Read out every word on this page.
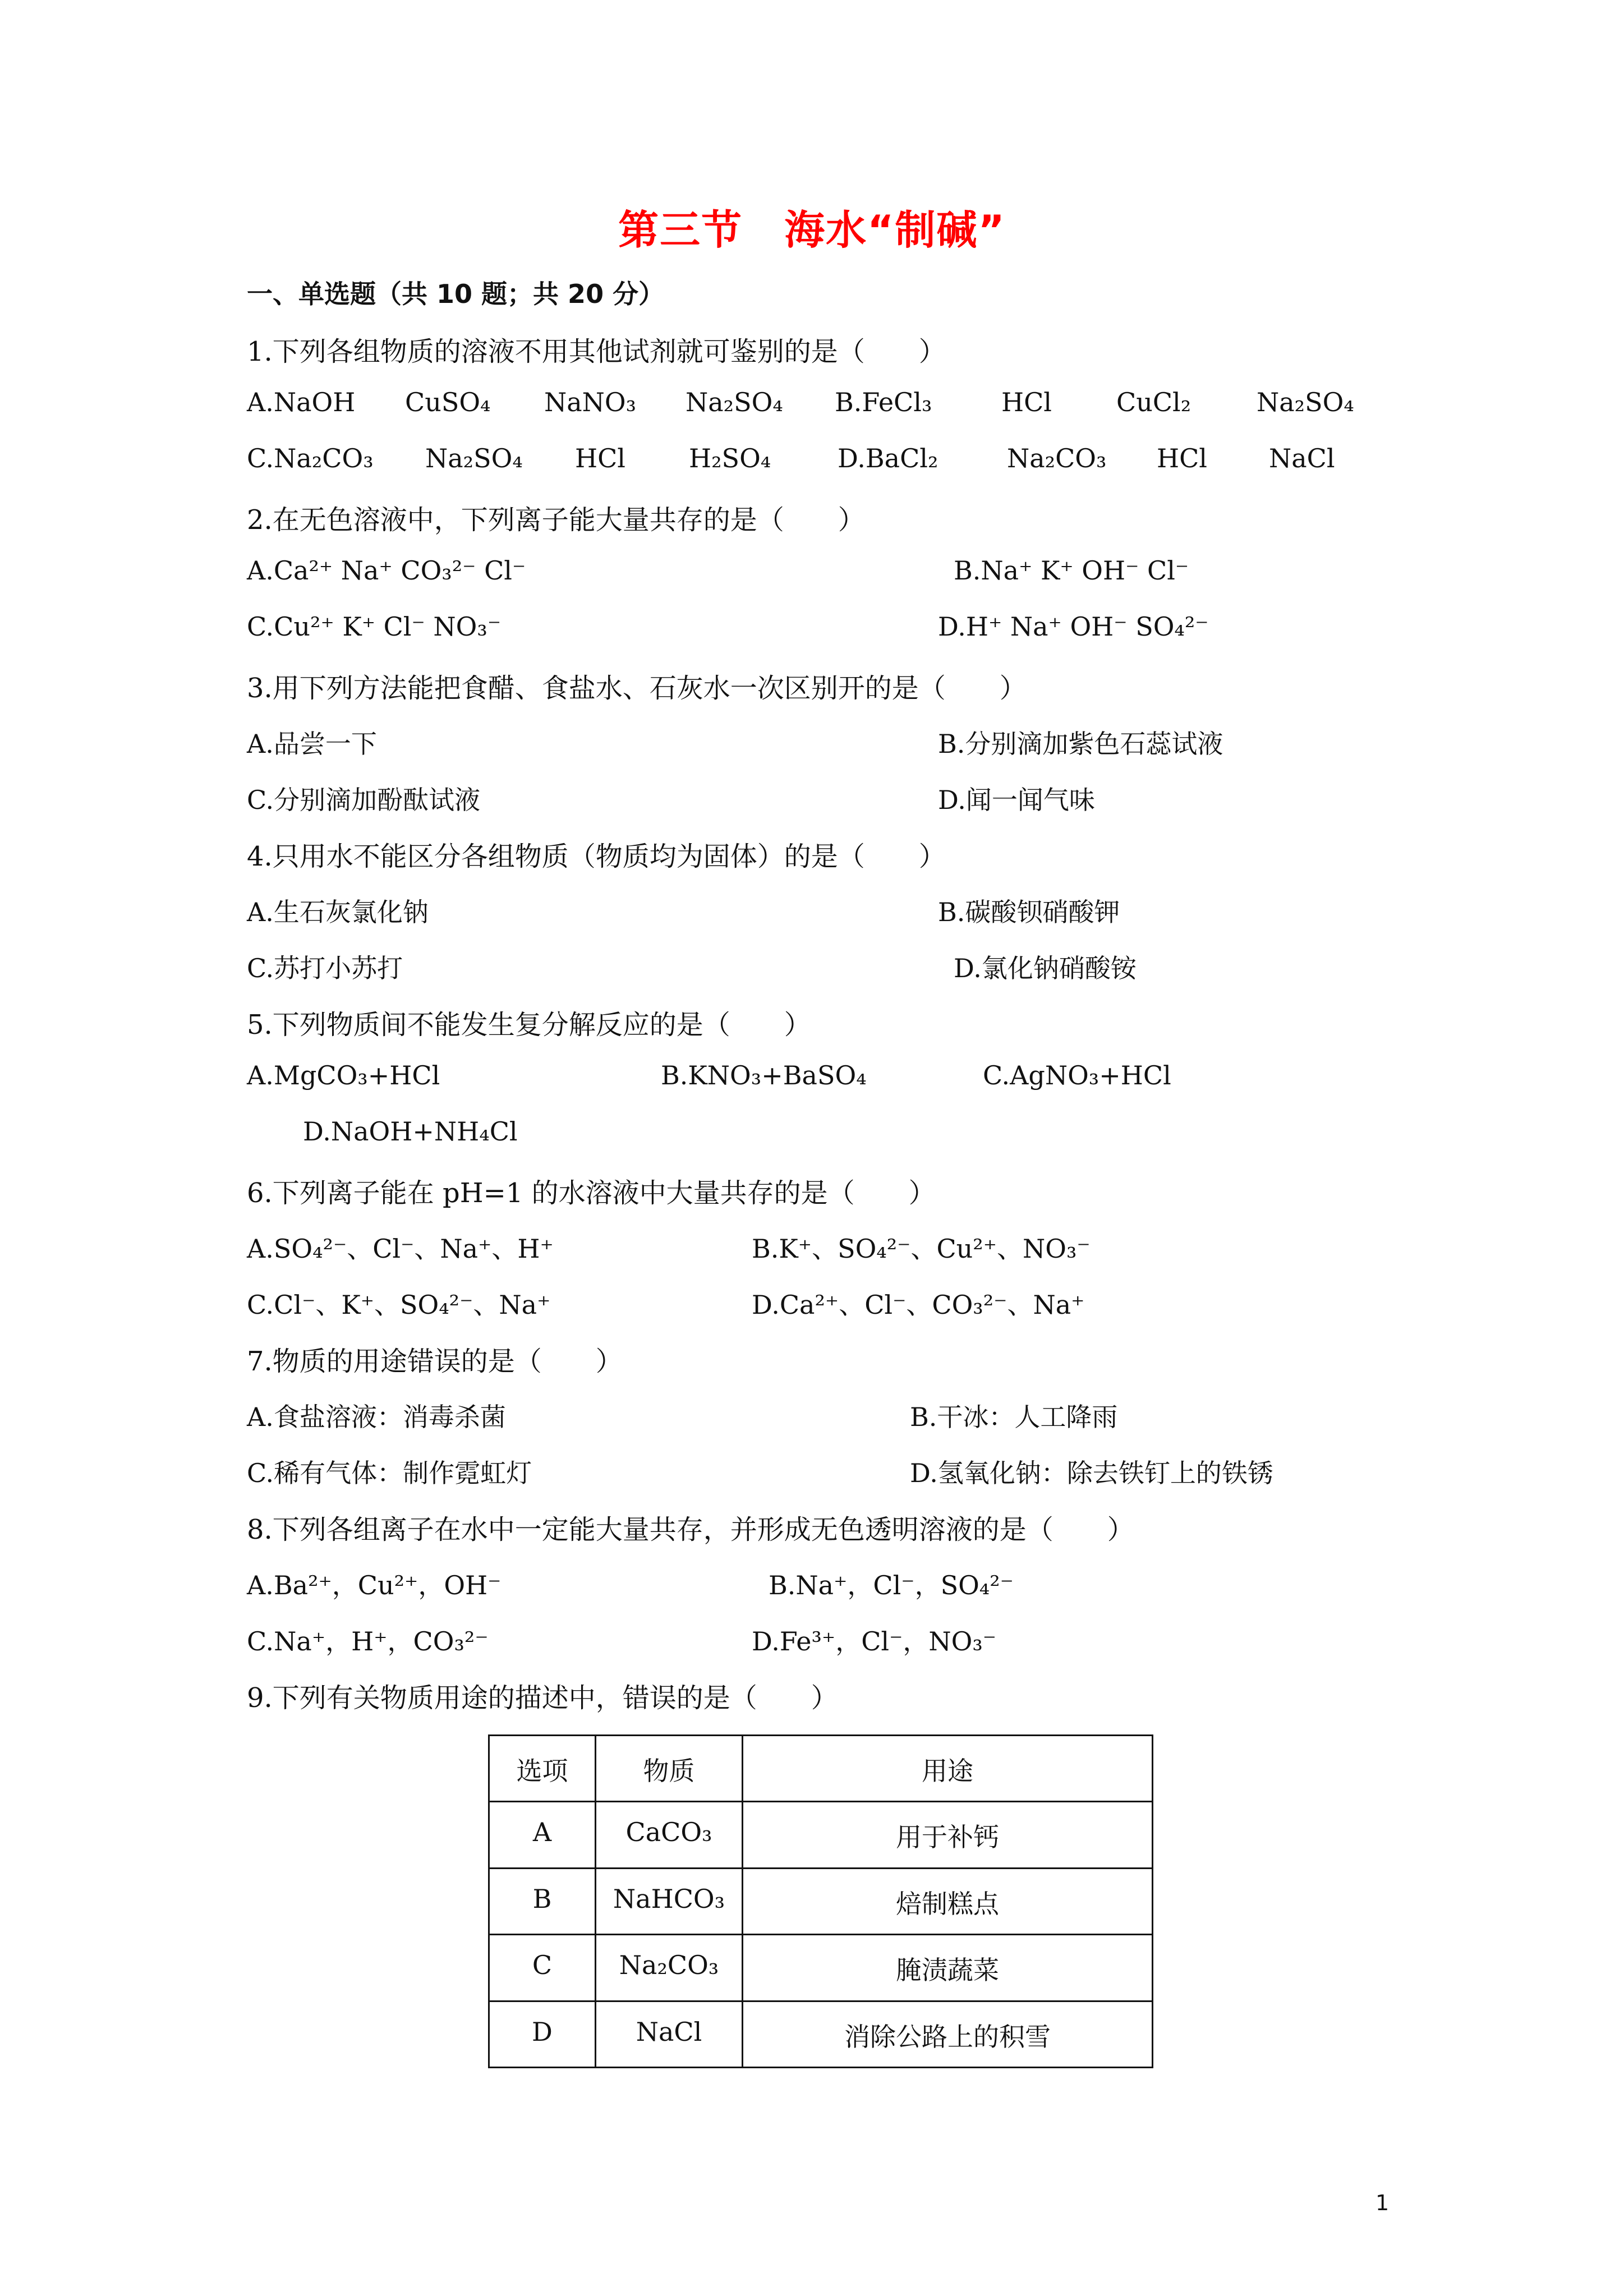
第三节　海水“制碱”
一、单选题（共 10 题；共 20 分）
1.下列各组物质的溶液不用其他试剂就可鉴别的是（　　）
A.NaOH CuSO₄ NaNO₃ Na₂SO₄ B.FeCl₃	HCl CuCl₂	Na₂SO₄
C.Na₂CO₃ Na₂SO₄ HCl H₂SO₄	D.BaCl₂	Na₂CO₃ HCl NaCl
2.在无色溶液中，下列离子能大量共存的是（　　）
A.Ca²⁺ Na⁺ CO₃²⁻ Cl⁻	B.Na⁺ K⁺ OH⁻ Cl⁻
C.Cu²⁺ K⁺ Cl⁻ NO₃⁻	D.H⁺ Na⁺ OH⁻ SO₄²⁻
3.用下列方法能把食醋、食盐水、石灰水一次区别开的是（　　）
A.品尝一下	B.分别滴加紫色石蕊试液
C.分别滴加酚酞试液	D.闻一闻气味
4.只用水不能区分各组物质（物质均为固体）的是（　　）
A.生石灰氯化钠	B.碳酸钡硝酸钾
C.苏打小苏打	D.氯化钠硝酸铵
5.下列物质间不能发生复分解反应的是（　　）
A.MgCO₃+HCl	B.KNO₃+BaSO₄	C.AgNO₃+HCl
D.NaOH+NH₄Cl
6.下列离子能在 pH=1 的水溶液中大量共存的是（　　）
A.SO₄²⁻、Cl⁻、Na⁺、H⁺	B.K⁺、SO₄²⁻、Cu²⁺、NO₃⁻
C.Cl⁻、K⁺、SO₄²⁻、Na⁺	D.Ca²⁺、Cl⁻、CO₃²⁻、Na⁺
7.物质的用途错误的是（　　）
A.食盐溶液：消毒杀菌	B.干冰：人工降雨
C.稀有气体：制作霓虹灯	D.氢氧化钠：除去铁钉上的铁锈
8.下列各组离子在水中一定能大量共存，并形成无色透明溶液的是（　　）
A.Ba²⁺，Cu²⁺，OH⁻	B.Na⁺，Cl⁻，SO₄²⁻
C.Na⁺，H⁺，CO₃²⁻	D.Fe³⁺，Cl⁻，NO₃⁻
9.下列有关物质用途的描述中，错误的是（　　）
选项	物质	用途
A	CaCO₃	用于补钙
B	NaHCO₃	焙制糕点
C	Na₂CO₃	腌渍蔬菜
D	NaCl	消除公路上的积雪
1
